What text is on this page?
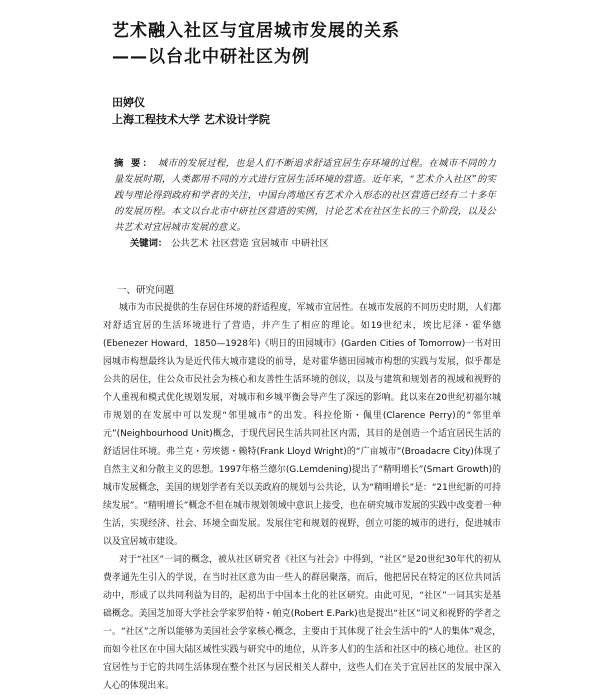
艺术融入社区与宜居城市发展的关系
——以台北中研社区为例
田婷仪
上海工程技术大学 艺术设计学院
摘 要： 城市的发展过程，也是人们不断追求舒适宜居生存环境的过程。在城市不同的力量发展时期，人类都用不同的方式进行宜居生活环境的营造。近年来，“艺术介入社区”的实践与理论得到政府和学者的关注，中国台湾地区有艺术介入形态的社区营造已经有二十多年的发展历程。本文以台北市中研社区营造的实例，讨论艺术在社区生长的三个阶段，以及公共艺术对宜居城市发展的意义。
关键词： 公共艺术 社区营造 宜居城市 中研社区
一、研究问题

城市为市民提供的生存居住环境的舒适程度，军城市宜居性。在城市发展的不同历史时期，人们都对舒适宜居的生活环境进行了营造，并产生了相应的理论。如19世纪末，埃比尼泽・霍华德(Ebenezer Howard，1850—1928年)《明日的田园城市》(Garden Cities of Tomorrow)一书对田园城市构想最终认为是近代伟大城市建设的前导，是对霍华德田园城市构想的实践与发展，似乎都是公共的居住，住公众市民社会为核心和友善性生活环境的创议，以及与建筑和规划者的视域和视野的个人重视和模式优化规划发展，对城市和乡城平衡会导产生了深远的影响。此以来在20世纪初福尔城市规划的在发展中可以发现“邻里城市”的出发。科拉伦斯・佩里(Clarence Perry)的“邻里单元”(Neighbourhood Unit)概念，于现代居民生活共同社区内需，其目的是创造一个适宜居民生活的舒适居住环境。弗兰克・劳埃德・赖特(Frank Lloyd Wright)的“广亩城市”(Broadacre City)体现了自然主义和分散主义的思想。1997年格兰德尔(G.Lemdening)提出了“精明增长”(Smart Growth)的城市发展概念，美国的规划学者有关以美政府的规划与公共论，认为“精明增长”是：“21世纪新的可持续发展”。“精明增长”概念不但在城市规划领域中意识上接受，也在研究城市发展的实践中改变着一种生活，实现经济、社会、环境全面发展。发展住宅和规划的视野，创立可能的城市的进行，促进城市以及宜居城市建设。

对于“社区”一词的概念，被从社区研究者《社区与社会》中得到，“社区”是20世纪30年代的初从费孝通先生引入的学说，在当时社区意为由一些人的群居聚落，而后，他把居民在特定的区位共同活动中，形成了以共同利益为目的，起初出于中国本土化的社区研究。由此可见，“社区”一词其实是基础概念。美国芝加哥大学社会学家罗伯特・帕克(Robert E.Park)也是提出“社区”词义和视野的学者之一。“社区”之所以能够为美国社会学家核心概念，主要由于其体现了社会生活中的“人的集体”观念，而如今社区在中国大陆区域性实践与研究中的地位，从许多人们的生活和社区中的核心地位。社区的宜居性与于它的共同生活体现在整个社区与居民相关人群中，这些人们在关于宜居社区的发展中深入人心的体现出来。
